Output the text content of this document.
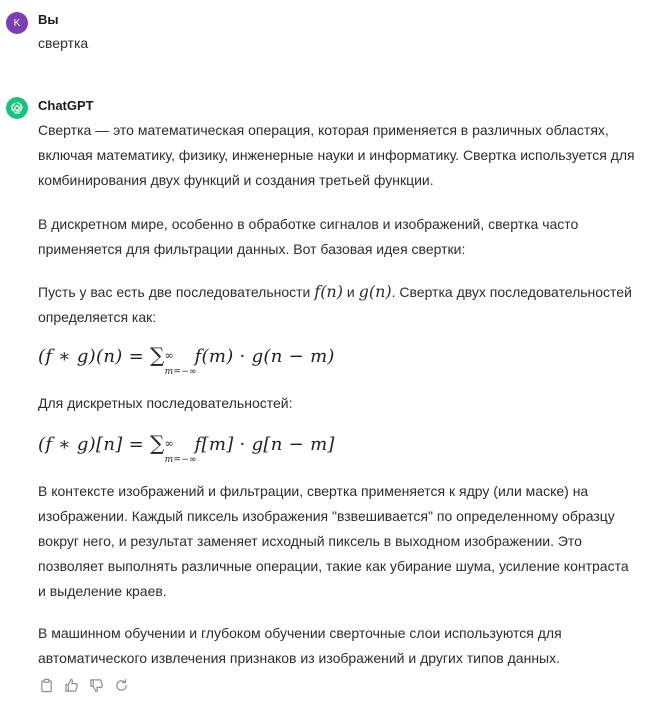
K Вы
свертка
ChatGPT

Свертка — это математическая операция, которая применяется в различных областях, включая математику, физику, инженерные науки и информатику. Свертка используется для комбинирования двух функций и создания третьей функции.

В дискретном мире, особенно в обработке сигналов и изображений, свертка часто применяется для фильтрации данных. Вот базовая идея свертки:

Пусть у вас есть две последовательности f(n) и g(n). Свертка двух последовательностей определяется как:

(f ∗ g)(n) = ∑ ∞
m=−∞
f(m) · g(n − m)

Для дискретных последовательностей:

(f ∗ g)[n] = ∑ ∞
m=−∞
f[m] · g[n − m]

В контексте изображений и фильтрации, свертка применяется к ядру (или маске) на изображении. Каждый пиксель изображения "взвешивается" по определенному образцу вокруг него, и результат заменяет исходный пиксель в выходном изображении. Это позволяет выполнять различные операции, такие как убирание шума, усиление контраста и выделение краев.

В машинном обучении и глубоком обучении сверточные слои используются для автоматического извлечения признаков из изображений и других типов данных.
